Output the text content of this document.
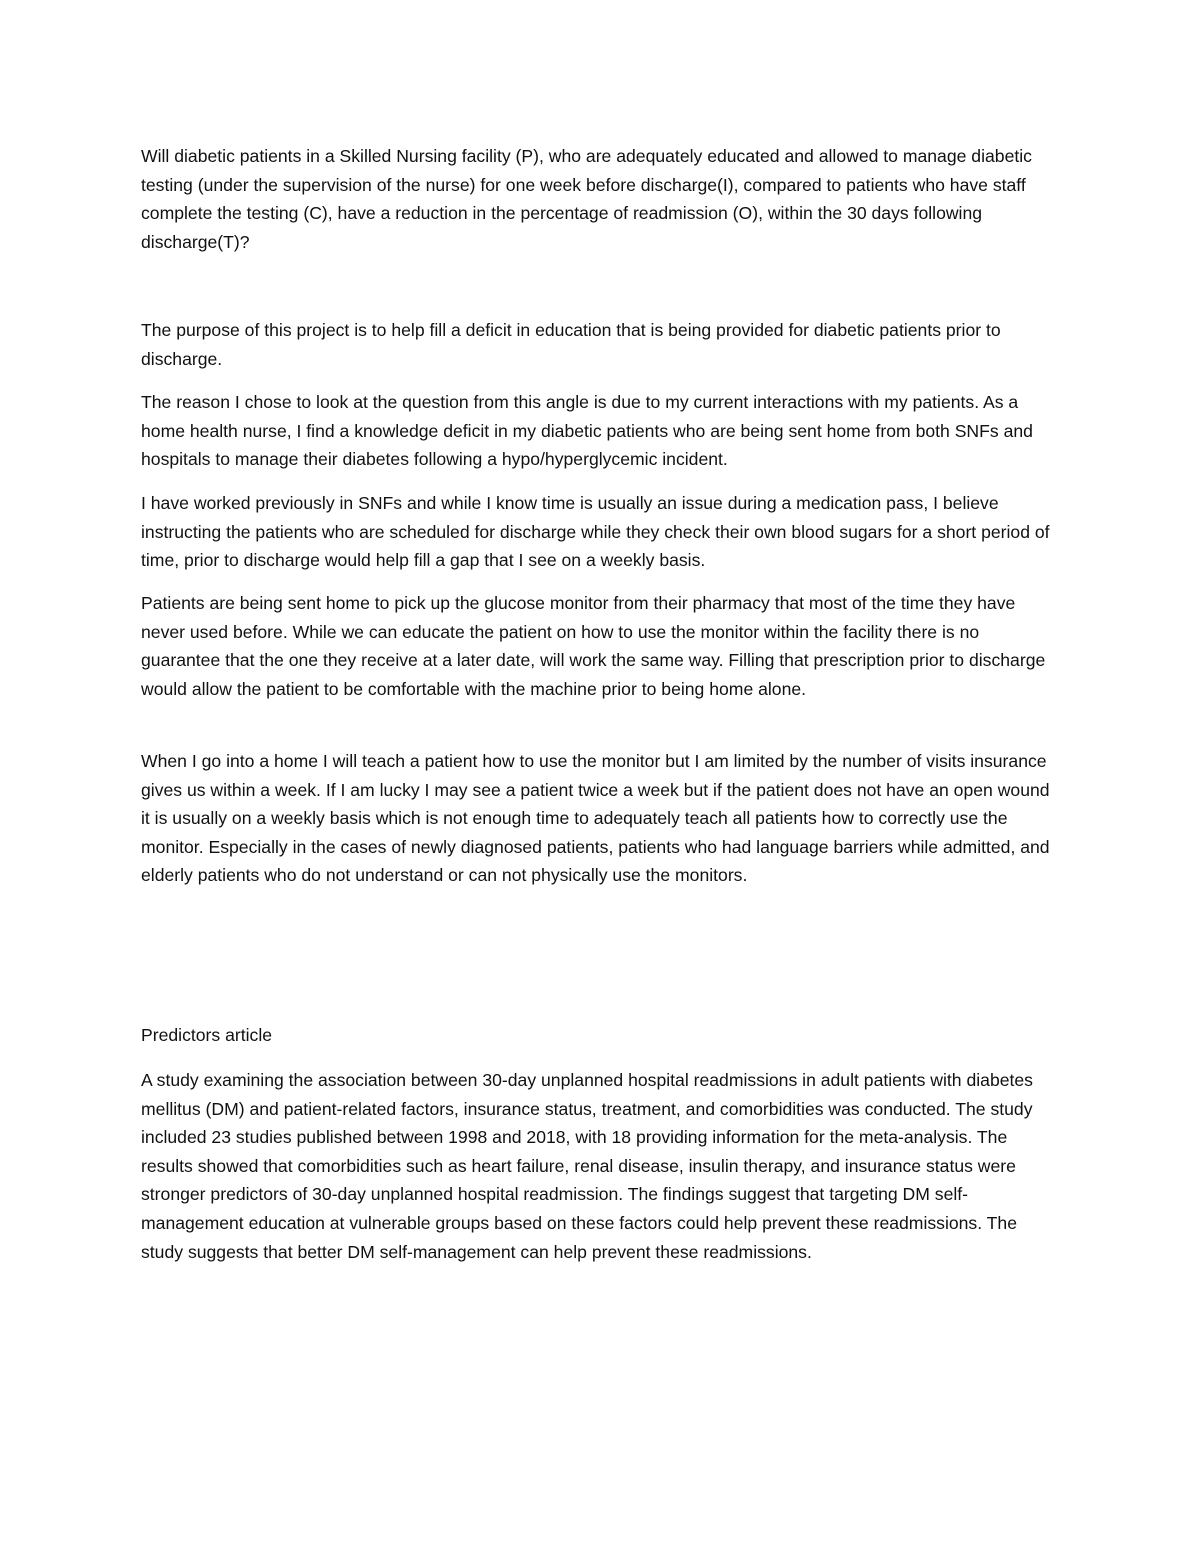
Will diabetic patients in a Skilled Nursing facility (P), who are adequately educated and allowed to manage diabetic testing (under the supervision of the nurse) for one week before discharge(I), compared to patients who have staff complete the testing (C), have a reduction in the percentage of readmission (O), within the 30 days following discharge(T)?

The purpose of this project is to help fill a deficit in education that is being provided for diabetic patients prior to discharge.

The reason I chose to look at the question from this angle is due to my current interactions with my patients. As a home health nurse, I find a knowledge deficit in my diabetic patients who are being sent home from both SNFs and hospitals to manage their diabetes following a hypo/hyperglycemic incident.

I have worked previously in SNFs and while I know time is usually an issue during a medication pass, I believe instructing the patients who are scheduled for discharge while they check their own blood sugars for a short period of time, prior to discharge would help fill a gap that I see on a weekly basis.

Patients are being sent home to pick up the glucose monitor from their pharmacy that most of the time they have never used before. While we can educate the patient on how to use the monitor within the facility there is no guarantee that the one they receive at a later date, will work the same way. Filling that prescription prior to discharge would allow the patient to be comfortable with the machine prior to being home alone.

When I go into a home I will teach a patient how to use the monitor but I am limited by the number of visits insurance gives us within a week. If I am lucky I may see a patient twice a week but if the patient does not have an open wound it is usually on a weekly basis which is not enough time to adequately teach all patients how to correctly use the monitor. Especially in the cases of newly diagnosed patients, patients who had language barriers while admitted, and elderly patients who do not understand or can not physically use the monitors.

Predictors article

A study examining the association between 30-day unplanned hospital readmissions in adult patients with diabetes mellitus (DM) and patient-related factors, insurance status, treatment, and comorbidities was conducted. The study included 23 studies published between 1998 and 2018, with 18 providing information for the meta-analysis. The results showed that comorbidities such as heart failure, renal disease, insulin therapy, and insurance status were stronger predictors of 30-day unplanned hospital readmission. The findings suggest that targeting DM self-management education at vulnerable groups based on these factors could help prevent these readmissions. The study suggests that better DM self-management can help prevent these readmissions.
